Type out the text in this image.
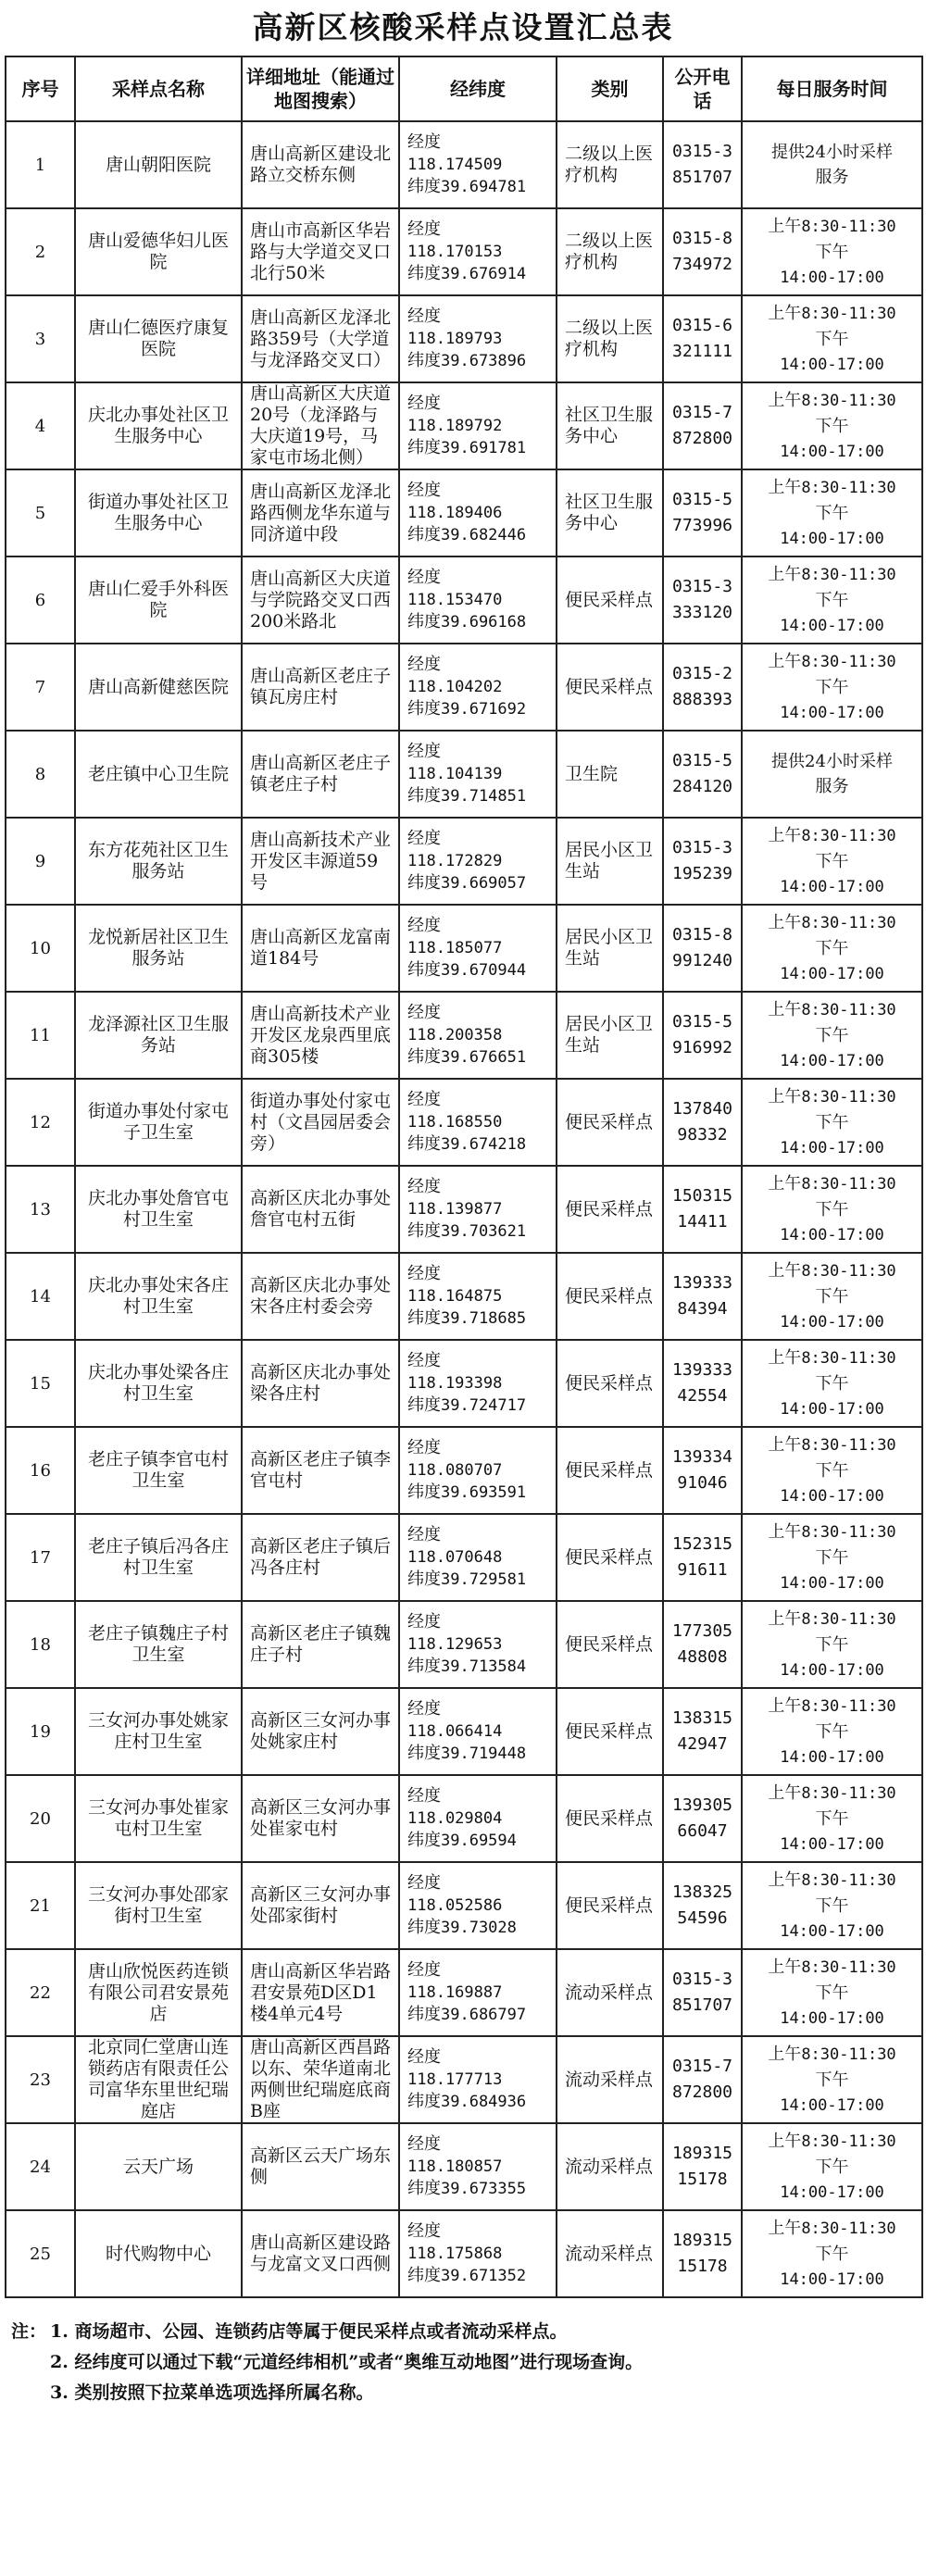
高新区核酸采样点设置汇总表
序号	采样点名称	详细地址（能通过地图搜索）	经纬度	类别	公开电话	每日服务时间
1	唐山朝阳医院	唐山高新区建设北路立交桥东侧	经度
118.174509
纬度39.694781	二级以上医疗机构	0315-3
851707	提供24小时采样
服务
2	唐山爱德华妇儿医院	唐山市高新区华岩路与大学道交叉口北行50米	经度
118.170153
纬度39.676914	二级以上医疗机构	0315-8
734972	上午8:30-11:30
下午
14:00-17:00
3	唐山仁德医疗康复医院	唐山高新区龙泽北路359号（大学道与龙泽路交叉口）	经度
118.189793
纬度39.673896	二级以上医疗机构	0315-6
321111	上午8:30-11:30
下午
14:00-17:00
4	庆北办事处社区卫生服务中心	唐山高新区大庆道20号（龙泽路与大庆道19号，马家屯市场北侧）	经度
118.189792
纬度39.691781	社区卫生服务中心	0315-7
872800	上午8:30-11:30
下午
14:00-17:00
5	街道办事处社区卫生服务中心	唐山高新区龙泽北路西侧龙华东道与同济道中段	经度
118.189406
纬度39.682446	社区卫生服务中心	0315-5
773996	上午8:30-11:30
下午
14:00-17:00
6	唐山仁爱手外科医院	唐山高新区大庆道与学院路交叉口西200米路北	经度
118.153470
纬度39.696168	便民采样点	0315-3
333120	上午8:30-11:30
下午
14:00-17:00
7	唐山高新健慈医院	唐山高新区老庄子镇瓦房庄村	经度
118.104202
纬度39.671692	便民采样点	0315-2
888393	上午8:30-11:30
下午
14:00-17:00
8	老庄镇中心卫生院	唐山高新区老庄子镇老庄子村	经度
118.104139
纬度39.714851	卫生院	0315-5
284120	提供24小时采样
服务
9	东方花苑社区卫生服务站	唐山高新技术产业开发区丰源道59号	经度
118.172829
纬度39.669057	居民小区卫生站	0315-3
195239	上午8:30-11:30
下午
14:00-17:00
10	龙悦新居社区卫生服务站	唐山高新区龙富南道184号	经度
118.185077
纬度39.670944	居民小区卫生站	0315-8
991240	上午8:30-11:30
下午
14:00-17:00
11	龙泽源社区卫生服务站	唐山高新技术产业开发区龙泉西里底商305楼	经度
118.200358
纬度39.676651	居民小区卫生站	0315-5
916992	上午8:30-11:30
下午
14:00-17:00
12	街道办事处付家屯子卫生室	街道办事处付家屯村（文昌园居委会旁）	经度
118.168550
纬度39.674218	便民采样点	137840
98332	上午8:30-11:30
下午
14:00-17:00
13	庆北办事处詹官屯村卫生室	高新区庆北办事处詹官屯村五街	经度
118.139877
纬度39.703621	便民采样点	150315
14411	上午8:30-11:30
下午
14:00-17:00
14	庆北办事处宋各庄村卫生室	高新区庆北办事处宋各庄村委会旁	经度
118.164875
纬度39.718685	便民采样点	139333
84394	上午8:30-11:30
下午
14:00-17:00
15	庆北办事处梁各庄村卫生室	高新区庆北办事处梁各庄村	经度
118.193398
纬度39.724717	便民采样点	139333
42554	上午8:30-11:30
下午
14:00-17:00
16	老庄子镇李官屯村卫生室	高新区老庄子镇李官屯村	经度
118.080707
纬度39.693591	便民采样点	139334
91046	上午8:30-11:30
下午
14:00-17:00
17	老庄子镇后冯各庄村卫生室	高新区老庄子镇后冯各庄村	经度
118.070648
纬度39.729581	便民采样点	152315
91611	上午8:30-11:30
下午
14:00-17:00
18	老庄子镇魏庄子村卫生室	高新区老庄子镇魏庄子村	经度
118.129653
纬度39.713584	便民采样点	177305
48808	上午8:30-11:30
下午
14:00-17:00
19	三女河办事处姚家庄村卫生室	高新区三女河办事处姚家庄村	经度
118.066414
纬度39.719448	便民采样点	138315
42947	上午8:30-11:30
下午
14:00-17:00
20	三女河办事处崔家屯村卫生室	高新区三女河办事处崔家屯村	经度
118.029804
纬度39.69594	便民采样点	139305
66047	上午8:30-11:30
下午
14:00-17:00
21	三女河办事处邵家街村卫生室	高新区三女河办事处邵家街村	经度
118.052586
纬度39.73028	便民采样点	138325
54596	上午8:30-11:30
下午
14:00-17:00
22	唐山欣悦医药连锁有限公司君安景苑店	唐山高新区华岩路君安景苑D区D1楼4单元4号	经度
118.169887
纬度39.686797	流动采样点	0315-3
851707	上午8:30-11:30
下午
14:00-17:00
23	北京同仁堂唐山连锁药店有限责任公司富华东里世纪瑞庭店	唐山高新区西昌路以东、荣华道南北两侧世纪瑞庭底商B座	经度
118.177713
纬度39.684936	流动采样点	0315-7
872800	上午8:30-11:30
下午
14:00-17:00
24	云天广场	高新区云天广场东侧	经度
118.180857
纬度39.673355	流动采样点	189315
15178	上午8:30-11:30
下午
14:00-17:00
25	时代购物中心	唐山高新区建设路与龙富文叉口西侧	经度
118.175868
纬度39.671352	流动采样点	189315
15178	上午8:30-11:30
下午
14:00-17:00
注： 1. 商场超市、公园、连锁药店等属于便民采样点或者流动采样点。
2. 经纬度可以通过下载“元道经纬相机”或者“奥维互动地图”进行现场查询。
3. 类别按照下拉菜单选项选择所属名称。
